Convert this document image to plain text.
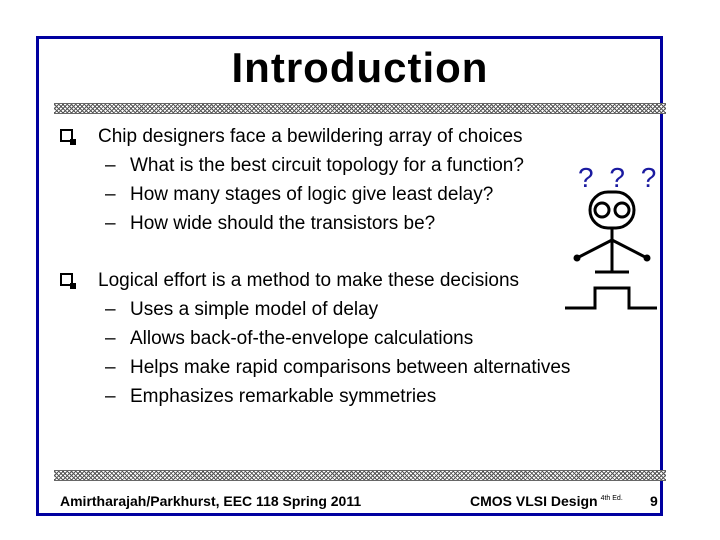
Introduction
Chip designers face a bewildering array of choices
– What is the best circuit topology for a function?
– How many stages of logic give least delay?
– How wide should the transistors be?
Logical effort is a method to make these decisions
– Uses a simple model of delay
– Allows back-of-the-envelope calculations
– Helps make rapid comparisons between alternatives
– Emphasizes remarkable symmetries
? ? ?
Amirtharajah/Parkhurst, EEC 118 Spring 2011	CMOS VLSI Design $^{4th Ed.}$ 9
